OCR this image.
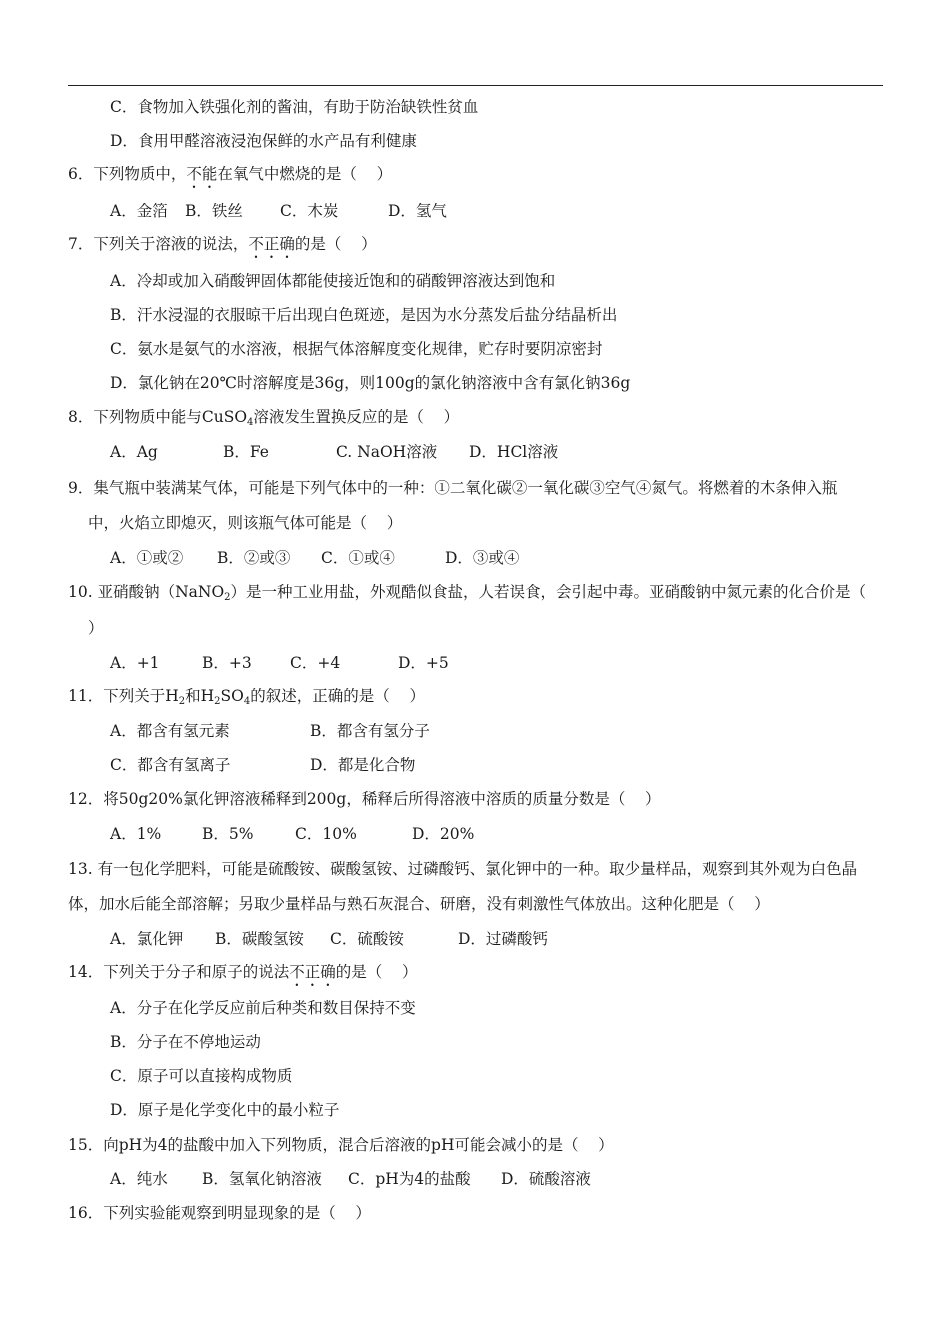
C．食物加入铁强化剂的酱油，有助于防治缺铁性贫血
D．食用甲醛溶液浸泡保鲜的水产品有利健康
6．下列物质中，不能在氧气中燃烧的是（    ）
A．金箔 B．铁丝 C．木炭	D．氢气
7．下列关于溶液的说法，不正确的是（    ）
A．冷却或加入硝酸钾固体都能使接近饱和的硝酸钾溶液达到饱和
B．汗水浸湿的衣服晾干后出现白色斑迹，是因为水分蒸发后盐分结晶析出
C．氨水是氨气的水溶液，根据气体溶解度变化规律，贮存时要阴凉密封
D．氯化钠在20℃时溶解度是36g，则100g的氯化钠溶液中含有氯化钠36g
8．下列物质中能与CuSO$_4$溶液发生置换反应的是（    ）
A．Ag	B．Fe	C. NaOH溶液 D．HCl溶液
9．集气瓶中装满某气体，可能是下列气体中的一种：①二氧化碳②一氧化碳③空气④氮气。将燃着的木条伸入瓶
中，火焰立即熄灭，则该瓶气体可能是（    ）
A．①或② B．②或③ C．①或④	D．③或④
10. 亚硝酸钠（NaNO$_2$）是一种工业用盐，外观酷似食盐，人若误食，会引起中毒。亚硝酸钠中氮元素的化合价是（
）
A．+1	B．+3 C．+4	D．+5
11．下列关于$H_2$和$H_2SO_4$的叙述，正确的是（    ）
A．都含有氢元素	B．都含有氢分子
C．都含有氢离子	D．都是化合物
12．将50g20%氯化钾溶液稀释到200g，稀释后所得溶液中溶质的质量分数是（    ）
A．1%	B．5%	C．10%	D．20%
13. 有一包化学肥料，可能是硫酸铵、碳酸氢铵、过磷酸钙、氯化钾中的一种。取少量样品，观察到其外观为白色晶
体，加水后能全部溶解；另取少量样品与熟石灰混合、研磨，没有刺激性气体放出。这种化肥是（    ）
A．氯化钾 B．碳酸氢铵 C．硫酸铵	D．过磷酸钙
14．下列关于分子和原子的说法不正确的是（    ）
A．分子在化学反应前后种类和数目保持不变
B．分子在不停地运动
C．原子可以直接构成物质
D．原子是化学变化中的最小粒子
15．向pH为4的盐酸中加入下列物质，混合后溶液的pH可能会减小的是（    ）
A．纯水 B．氢氧化钠溶液 C．pH为4的盐酸 D．硫酸溶液
16．下列实验能观察到明显现象的是（    ）
